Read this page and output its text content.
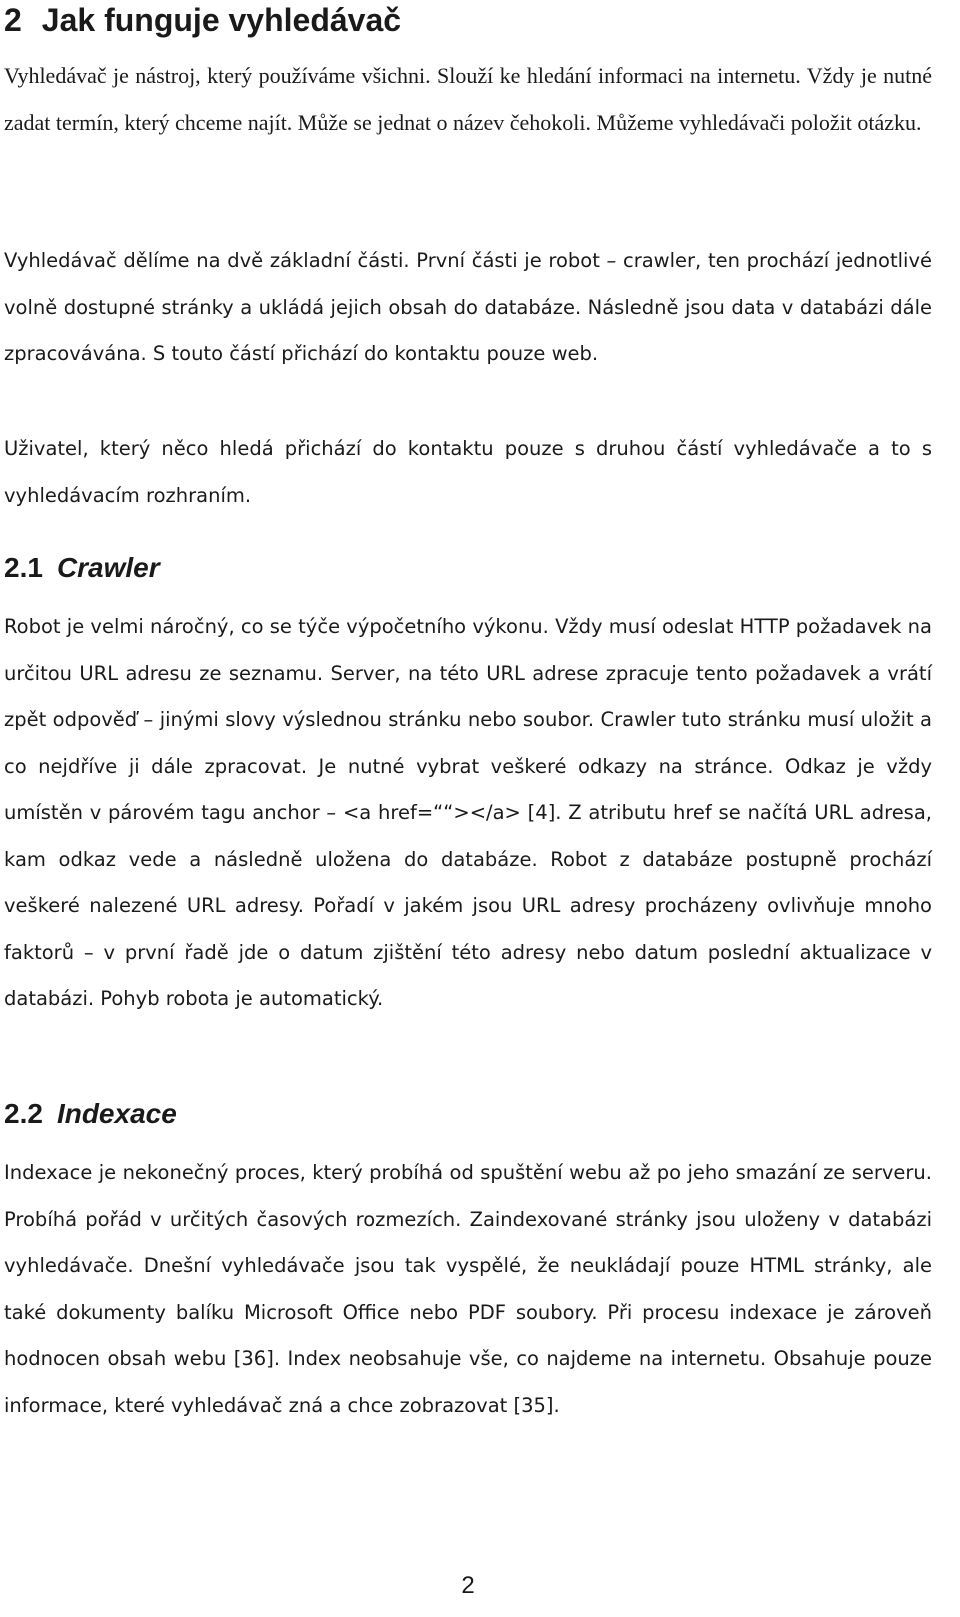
2 Jak funguje vyhledávač

Vyhledávač je nástroj, který používáme všichni. Slouží ke hledání informaci na internetu. Vždy je nutné zadat termín, který chceme najít. Může se jednat o název čehokoli. Můžeme vyhledávači položit otázku.

Vyhledávač dělíme na dvě základní části. První části je robot – crawler, ten prochází jednotlivé volně dostupné stránky a ukládá jejich obsah do databáze. Následně jsou data v databázi dále zpracovávána. S touto částí přichází do kontaktu pouze web.

Uživatel, který něco hledá přichází do kontaktu pouze s druhou částí vyhledávače a to s vyhledávacím rozhraním.

2.1 Crawler

Robot je velmi náročný, co se týče výpočetního výkonu. Vždy musí odeslat HTTP požadavek na určitou URL adresu ze seznamu. Server, na této URL adrese zpracuje tento požadavek a vrátí zpět odpověď – jinými slovy výslednou stránku nebo soubor. Crawler tuto stránku musí uložit a co nejdříve ji dále zpracovat. Je nutné vybrat veškeré odkazy na stránce. Odkaz je vždy umístěn v párovém tagu anchor – <a href=““></a> [4]. Z atributu href se načítá URL adresa, kam odkaz vede a následně uložena do databáze. Robot z databáze postupně prochází veškeré nalezené URL adresy. Pořadí v jakém jsou URL adresy procházeny ovlivňuje mnoho faktorů – v první řadě jde o datum zjištění této adresy nebo datum poslední aktualizace v databázi. Pohyb robota je automatický.

2.2 Indexace

Indexace je nekonečný proces, který probíhá od spuštění webu až po jeho smazání ze serveru. Probíhá pořád v určitých časových rozmezích. Zaindexované stránky jsou uloženy v databázi vyhledávače. Dnešní vyhledávače jsou tak vyspělé, že neukládají pouze HTML stránky, ale také dokumenty balíku Microsoft Office nebo PDF soubory. Při procesu indexace je zároveň hodnocen obsah webu [36]. Index neobsahuje vše, co najdeme na internetu. Obsahuje pouze informace, které vyhledávač zná a chce zobrazovat [35].

2
